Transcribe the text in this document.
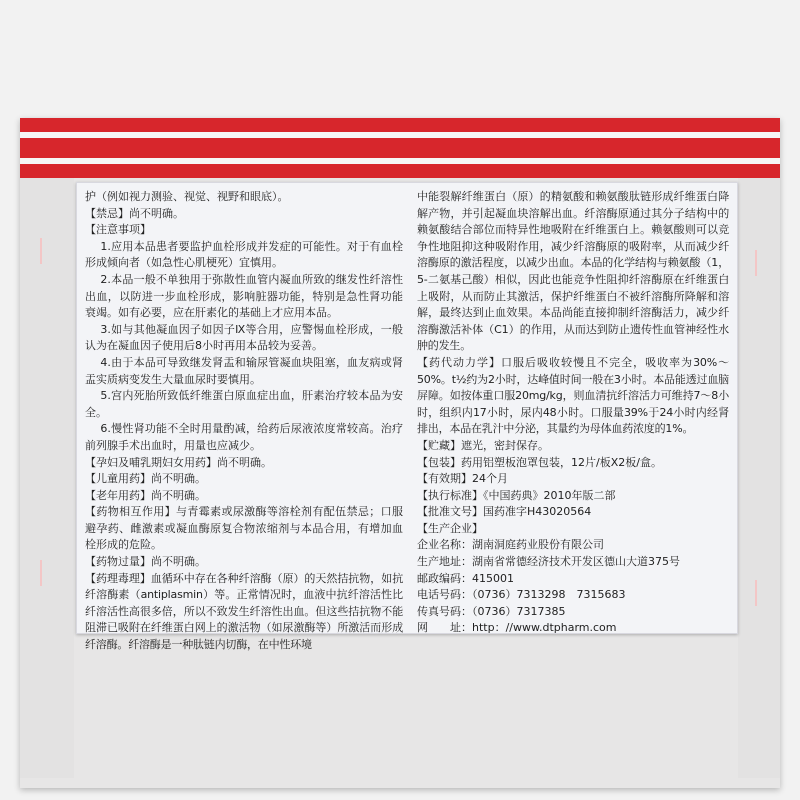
护（例如视力测验、视觉、视野和眼底）。

【禁忌】尚不明确。

【注意事项】

1.应用本品患者要监护血栓形成并发症的可能性。对于有血栓形成倾向者（如急性心肌梗死）宜慎用。

2.本品一般不单独用于弥散性血管内凝血所致的继发性纤溶性出血，以防进一步血栓形成，影响脏器功能，特别是急性肾功能衰竭。如有必要，应在肝素化的基础上才应用本品。

3.如与其他凝血因子如因子Ⅸ等合用，应警惕血栓形成，一般认为在凝血因子使用后8小时再用本品较为妥善。

4.由于本品可导致继发肾盂和输尿管凝血块阻塞，血友病或肾盂实质病变发生大量血尿时要慎用。

5.宫内死胎所致低纤维蛋白原血症出血，肝素治疗较本品为安全。

6.慢性肾功能不全时用量酌减，给药后尿液浓度常较高。治疗前列腺手术出血时，用量也应减少。

【孕妇及哺乳期妇女用药】尚不明确。

【儿童用药】尚不明确。

【老年用药】尚不明确。

【药物相互作用】与青霉素或尿激酶等溶栓剂有配伍禁忌；口服避孕药、雌激素或凝血酶原复合物浓缩剂与本品合用，有增加血栓形成的危险。

【药物过量】尚不明确。

【药理毒理】血循环中存在各种纤溶酶（原）的天然拮抗物，如抗纤溶酶素（antiplasmin）等。正常情况时，血液中抗纤溶活性比纤溶活性高很多倍，所以不致发生纤溶性出血。但这些拮抗物不能阻滞已吸附在纤维蛋白网上的激活物（如尿激酶等）所激活而形成纤溶酶。纤溶酶是一种肽链内切酶，在中性环境

中能裂解纤维蛋白（原）的精氨酸和赖氨酸肽链形成纤维蛋白降解产物，并引起凝血块溶解出血。纤溶酶原通过其分子结构中的赖氨酸结合部位而特异性地吸附在纤维蛋白上。赖氨酸则可以竞争性地阻抑这种吸附作用，减少纤溶酶原的吸附率，从而减少纤溶酶原的激活程度，以减少出血。本品的化学结构与赖氨酸（1，5-二氨基己酸）相似，因此也能竞争性阻抑纤溶酶原在纤维蛋白上吸附，从而防止其激活，保护纤维蛋白不被纤溶酶所降解和溶解，最终达到止血效果。本品尚能直接抑制纤溶酶活力，减少纤溶酶激活补体（C1）的作用，从而达到防止遗传性血管神经性水肿的发生。

【药代动力学】口服后吸收较慢且不完全，吸收率为30%～50%。t½约为2小时，达峰值时间一般在3小时。本品能透过血脑屏障。如按体重口服20mg/kg，则血清抗纤溶活力可维持7～8小时，组织内17小时，尿内48小时。口服量39%于24小时内经肾排出，本品在乳汁中分泌，其量约为母体血药浓度的1%。

【贮藏】遮光，密封保存。

【包装】药用铝塑板泡罩包装，12片/板X2板/盒。

【有效期】24个月

【执行标准】《中国药典》2010年版二部

【批准文号】国药准字H43020564

【生产企业】

企业名称：湖南洞庭药业股份有限公司

生产地址：湖南省常德经济技术开发区德山大道375号

邮政编码：415001

电话号码：（0736）7313298　7315683

传真号码：（0736）7317385

网　　址：http：//www.dtpharm.com
